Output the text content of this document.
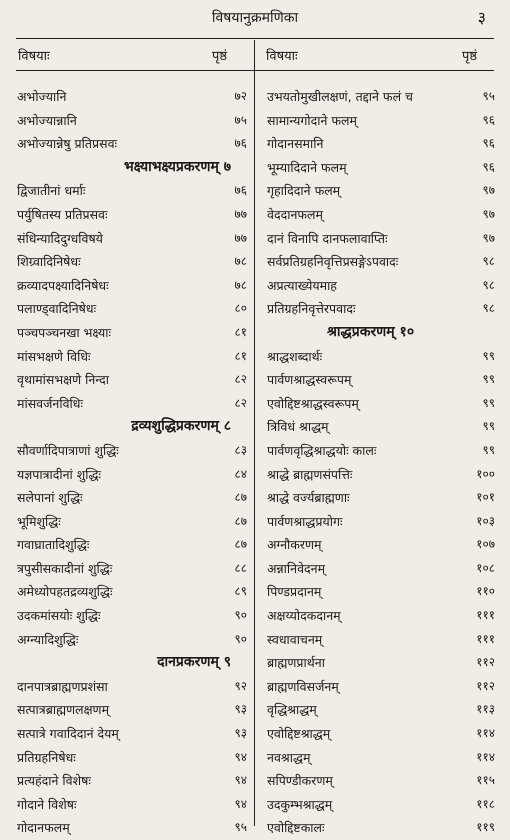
विषयानुक्रमणिका	३
विषयाः	पृष्ठं	विषयाः	पृष्ठं
अभोज्यानि	७२
अभोज्यान्नानि	७५
अभोज्यान्नेषु प्रतिप्रसवः	७६
भक्ष्याभक्ष्यप्रकरणम् ७
द्विजातीनां धर्माः	७६
पर्युषितस्य प्रतिप्रसवः	७७
संधिन्यादिदुग्धविषये	७७
शिग्र्वादिनिषेधः	७८
क्रव्यादपक्ष्यादिनिषेधः	७८
पलाण्ड्वादिनिषेधः	८०
पञ्चपञ्चनखा भक्ष्याः	८१
मांसभक्षणे विधिः	८१
वृथामांसभक्षणे निन्दा	८२
मांसवर्जनविधिः	८२
द्रव्यशुद्धिप्रकरणम् ८
सौवर्णादिपात्राणां शुद्धिः	८३
यज्ञपात्रादीनां शुद्धिः	८४
सलेपानां शुद्धिः	८७
भूमिशुद्धिः	८७
गवाघ्रातादिशुद्धिः	८७
त्रपुसीसकादीनां शुद्धिः	८८
अमेध्योपहतद्रव्यशुद्धिः	८९
उदकमांसयोः शुद्धिः	९०
अग्न्यादिशुद्धिः	९०
दानप्रकरणम् ९
दानपात्रब्राह्मणप्रशंसा	९२
सत्पात्रब्राह्मणलक्षणम्	९३
सत्पात्रे गवादिदानं देयम्	९३
प्रतिग्रहनिषेधः	९४
प्रत्यहंदाने विशेषः	९४
गोदाने विशेषः	९४
गोदानफलम्	९५
उभयतोमुखीलक्षणं, तद्दाने फलं च	९५
सामान्यगोदाने फलम्	९६
गोदानसमानि	९६
भूम्यादिदाने फलम्	९६
गृहादिदाने फलम्	९७
वेददानफलम्	९७
दानं विनापि दानफलावाप्तिः	९७
सर्वप्रतिग्रहनिवृत्तिप्रसङ्गेऽपवादः	९८
अप्रत्याख्येयमाह	९८
प्रतिग्रहनिवृत्तेरपवादः	९८
श्राद्धप्रकरणम् १०
श्राद्धशब्दार्थः	९९
पार्वणश्राद्धस्वरूपम्	९९
एवोद्दिष्टश्राद्धस्वरूपम्	९९
त्रिविधं श्राद्धम्	९९
पार्वणवृद्धिश्राद्धयोः कालः	९९
श्राद्धे ब्राह्मणसंपत्तिः	१००
श्राद्धे वर्ज्यब्राह्मणाः	१०१
पार्वणश्राद्धप्रयोगः	१०३
अग्नौकरणम्	१०७
अन्नानिवेदनम्	१०८
पिण्डप्रदानम्	११०
अक्षय्योदकदानम्	१११
स्वधावाचनम्	१११
ब्राह्मणप्रार्थना	११२
ब्राह्मणविसर्जनम्	११२
वृद्धिश्राद्धम्	११३
एवोद्दिष्टश्राद्धम्	११४
नवश्राद्धम्	११४
सपिण्डीकरणम्	११५
उदकुम्भश्राद्धम्	११८
एवोद्दिष्टकालः	११९
